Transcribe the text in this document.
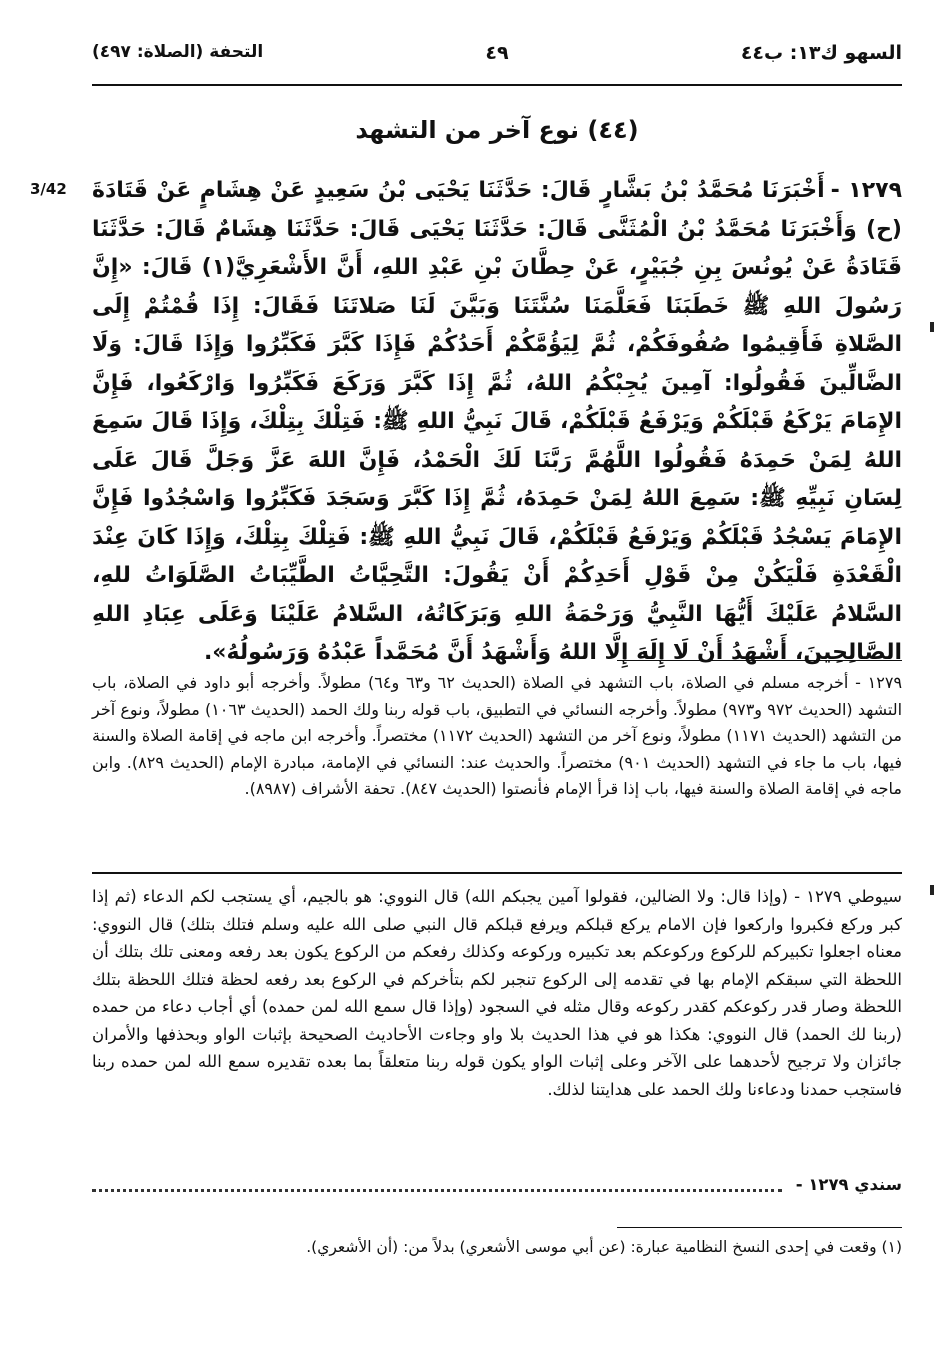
السهو ك١٣: ب٤٤
٤٩
التحفة (الصلاة: ٤٩٧)
(٤٤) نوع آخر من التشهد
3/42	١٢٧٩ -أَخْبَرَنَا مُحَمَّدُ بْنُ بَشَّارٍ قَالَ: حَدَّثَنَا يَحْيَى بْنُ سَعِيدٍ عَنْ هِشَامٍ عَنْ قَتَادَةَ (ح) وَأَخْبَرَنَا مُحَمَّدُ بْنُ الْمُثَنَّى قَالَ: حَدَّثَنَا يَحْيَى قَالَ: حَدَّثَنَا هِشَامٌ قَالَ: حَدَّثَنَا قَتَادَةُ عَنْ يُونُسَ بِنِ جُبَيْرٍ، عَنْ حِطَّانَ بْنِ عَبْدِ اللهِ، أَنَّ الأَشْعَرِيَّ(١) قَالَ: «إِنَّ رَسُولَ اللهِ ﷺ خَطَبَنَا فَعَلَّمَنَا سُنَّتَنَا وَبَيَّنَ لَنَا صَلاتَنَا فَقَالَ: إِذَا قُمْتُمْ إِلَى الصَّلاةِ فَأَقِيمُوا صُفُوفَكُمْ، ثُمَّ لِيَؤُمَّكُمْ أَحَدُكُمْ فَإِذَا كَبَّرَ فَكَبِّرُوا وَإِذَا قَالَ: وَلَا الضَّالِّينَ فَقُولُوا: آمِينَ يُجِبْكُمُ اللهُ، ثُمَّ إِذَا كَبَّرَ وَرَكَعَ فَكَبِّرُوا وَارْكَعُوا، فَإِنَّ الإِمَامَ يَرْكَعُ قَبْلَكُمْ وَيَرْفَعُ قَبْلَكُمْ، قَالَ نَبِيُّ اللهِ ﷺ: فَتِلْكَ بِتِلْكَ، وَإِذَا قَالَ سَمِعَ اللهُ لِمَنْ حَمِدَهُ فَقُولُوا اللَّهُمَّ رَبَّنَا لَكَ الْحَمْدُ، فَإِنَّ اللهَ عَزَّ وَجَلَّ قَالَ عَلَى لِسَانِ نَبِيِّهِ ﷺ: سَمِعَ اللهُ لِمَنْ حَمِدَهُ، ثُمَّ إِذَا كَبَّرَ وَسَجَدَ فَكَبِّرُوا وَاسْجُدُوا فَإِنَّ الإِمَامَ يَسْجُدُ قَبْلَكُمْ وَيَرْفَعُ قَبْلَكُمْ، قَالَ نَبِيُّ اللهِ ﷺ: فَتِلْكَ بِتِلْكَ، وَإِذَا كَانَ عِنْدَ الْقَعْدَةِ فَلْيَكُنْ مِنْ قَوْلِ أَحَدِكُمْ أَنْ يَقُولَ: التَّحِيَّاتُ الطَّيِّبَاتُ الصَّلَوَاتُ للهِ، السَّلامُ عَلَيْكَ أَيُّهَا النَّبِيُّ وَرَحْمَةُ اللهِ وَبَرَكَاتُهُ، السَّلامُ عَلَيْنَا وَعَلَى عِبَادِ اللهِ الصَّالِحِينَ، أَشْهَدُ أَنْ لَا إِلَهَ إِلَّا اللهُ وَأَشْهَدُ أَنَّ مُحَمَّداً عَبْدُهُ وَرَسُولُهُ».
١٢٧٩ - أخرجه مسلم في الصلاة، باب التشهد في الصلاة (الحديث ٦٢ و٦٣ و٦٤) مطولاً. وأخرجه أبو داود في الصلاة، باب التشهد (الحديث ٩٧٢ و٩٧٣) مطولاً. وأخرجه النسائي في التطبيق، باب قوله ربنا ولك الحمد (الحديث ١٠٦٣) مطولاً، ونوع آخر من التشهد (الحديث ١١٧١) مطولاً، ونوع آخر من التشهد (الحديث ١١٧٢) مختصراً. وأخرجه ابن ماجه في إقامة الصلاة والسنة فيها، باب ما جاء في التشهد (الحديث ٩٠١) مختصراً. والحديث عند: النسائي في الإمامة، مبادرة الإمام (الحديث ٨٢٩). وابن ماجه في إقامة الصلاة والسنة فيها، باب إذا قرأ الإمام فأنصتوا (الحديث ٨٤٧). تحفة الأشراف (٨٩٨٧).
سيوطي ١٢٧٩ - (وإذا قال: ولا الضالين، فقولوا آمين يجبكم الله) قال النووي: هو بالجيم، أي يستجب لكم الدعاء (ثم إذا كبر وركع فكبروا واركعوا فإن الامام يركع قبلكم ويرفع قبلكم قال النبي صلى الله عليه وسلم فتلك بتلك) قال النووي: معناه اجعلوا تكبيركم للركوع وركوعكم بعد تكبيره وركوعه وكذلك رفعكم من الركوع يكون بعد رفعه ومعنى تلك بتلك أن اللحظة التي سبقكم الإمام بها في تقدمه إلى الركوع تنجبر لكم بتأخركم في الركوع بعد رفعه لحظة فتلك اللحظة بتلك اللحظة وصار قدر ركوعكم كقدر ركوعه وقال مثله في السجود (وإذا قال سمع الله لمن حمده) أي أجاب دعاء من حمده (ربنا لك الحمد) قال النووي: هكذا هو في هذا الحديث بلا واو وجاءت الأحاديث الصحيحة بإثبات الواو وبحذفها والأمران جائزان ولا ترجيح لأحدهما على الآخر وعلى إثبات الواو يكون قوله ربنا متعلقاً بما بعده تقديره سمع الله لمن حمده ربنا فاستجب حمدنا ودعاءنا ولك الحمد على هدايتنا لذلك.
سندي ١٢٧٩ -
(١) وقعت في إحدى النسخ النظامية عبارة: (عن أبي موسى الأشعري) بدلاً من: (أن الأشعري).
